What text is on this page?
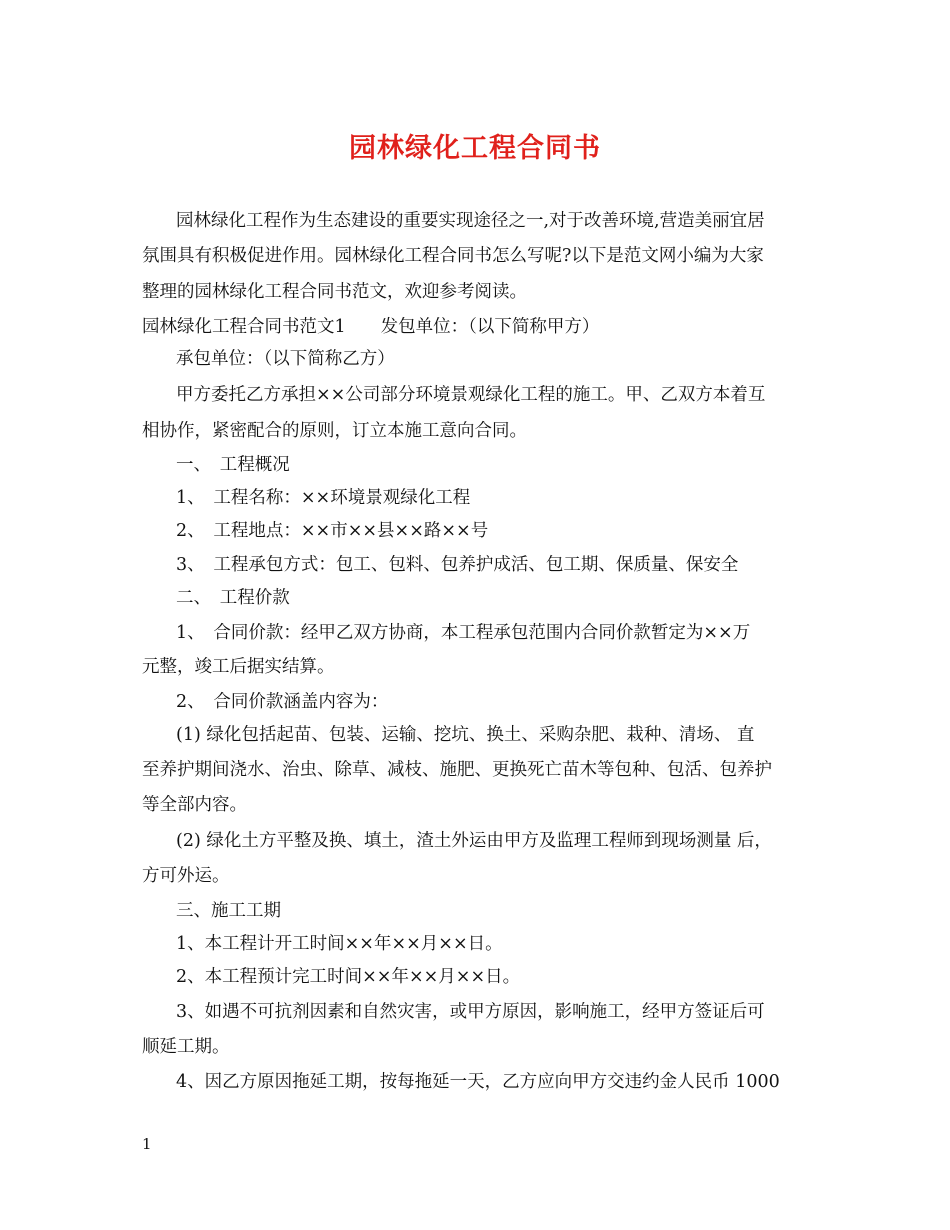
园林绿化工程合同书
园林绿化工程作为生态建设的重要实现途径之一,对于改善环境,营造美丽宜居
氛围具有积极促进作用。园林绿化工程合同书怎么写呢?以下是范文网小编为大家
整理的园林绿化工程合同书范文，欢迎参考阅读。
园林绿化工程合同书范文1　　发包单位：（以下简称甲方）
承包单位：（以下简称乙方）
甲方委托乙方承担××公司部分环境景观绿化工程的施工。甲、乙双方本着互
相协作，紧密配合的原则，订立本施工意向合同。
一、　工程概况
1、　工程名称：××环境景观绿化工程
2、　工程地点：××市××县××路××号
3、　工程承包方式：包工、包料、包养护成活、包工期、保质量、保安全
二、　工程价款
1、　合同价款：经甲乙双方协商，本工程承包范围内合同价款暂定为××万
元整，竣工后据实结算。
2、　合同价款涵盖内容为：
(1) 绿化包括起苗、包装、运输、挖坑、换土、采购杂肥、栽种、清场、 直
至养护期间浇水、治虫、除草、减枝、施肥、更换死亡苗木等包种、包活、包养护
等全部内容。
(2) 绿化土方平整及换、填土，渣土外运由甲方及监理工程师到现场测量 后，
方可外运。
三、施工工期
1、本工程计开工时间××年××月××日。
2、本工程预计完工时间××年××月××日。
3、如遇不可抗剂因素和自然灾害，或甲方原因，影响施工，经甲方签证后可
顺延工期。
4、因乙方原因拖延工期，按每拖延一天，乙方应向甲方交违约金人民币 1000
1
